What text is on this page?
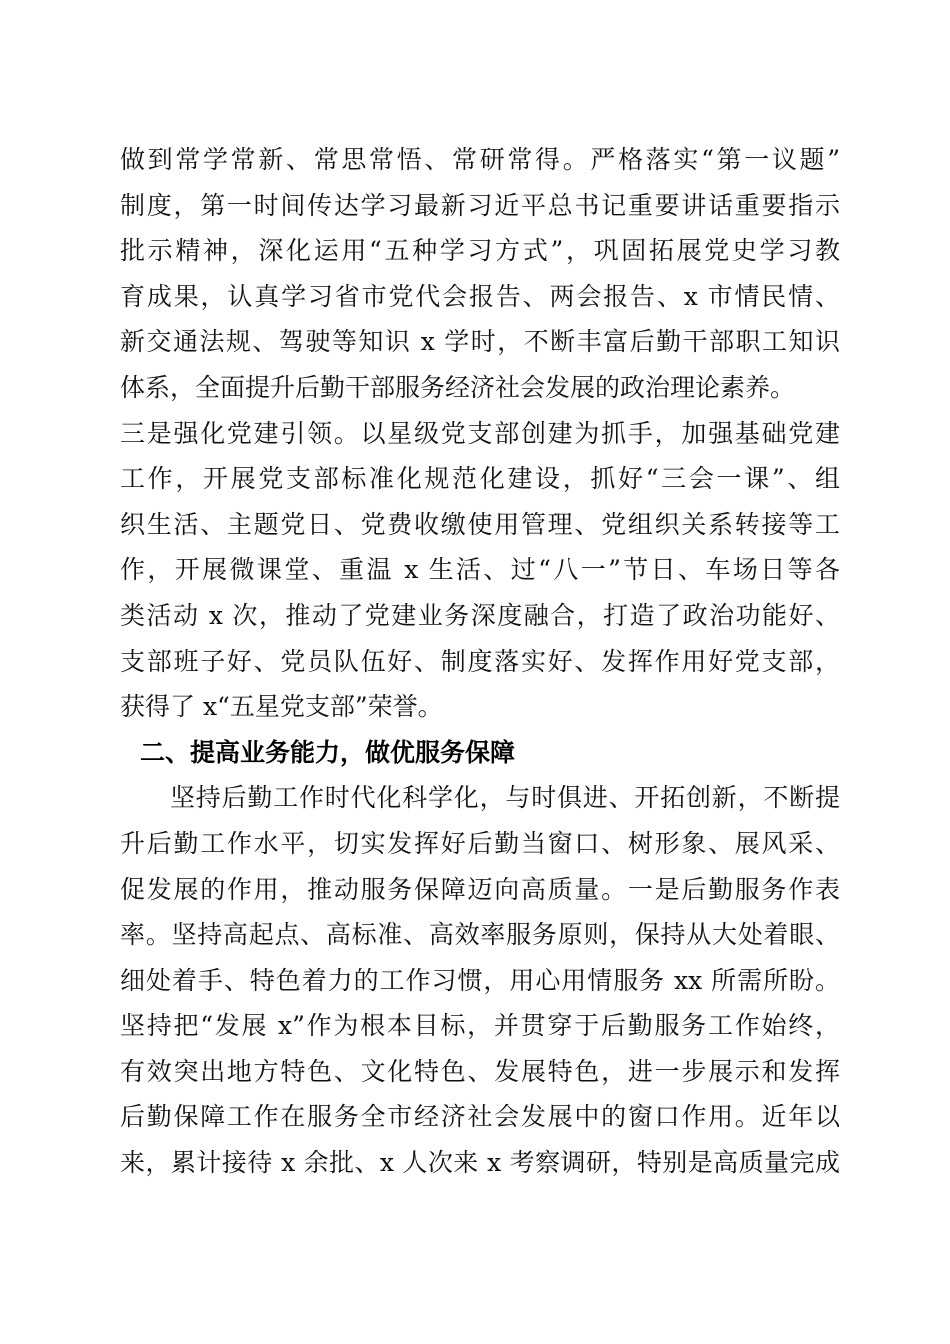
做到常学常新、常思常悟、常研常得。严格落实“第一议题”
制度，第一时间传达学习最新习近平总书记重要讲话重要指示
批示精神，深化运用“五种学习方式”，巩固拓展党史学习教
育成果，认真学习省市党代会报告、两会报告、x 市情民情、
新交通法规、驾驶等知识 x 学时，不断丰富后勤干部职工知识
体系，全面提升后勤干部服务经济社会发展的政治理论素养。
三是强化党建引领。以星级党支部创建为抓手，加强基础党建
工作，开展党支部标准化规范化建设，抓好“三会一课”、组
织生活、主题党日、党费收缴使用管理、党组织关系转接等工
作，开展微课堂、重温 x 生活、过“八一”节日、车场日等各
类活动 x 次，推动了党建业务深度融合，打造了政治功能好、
支部班子好、党员队伍好、制度落实好、发挥作用好党支部，
获得了 x“五星党支部”荣誉。
二、提高业务能力，做优服务保障
坚持后勤工作时代化科学化，与时俱进、开拓创新，不断提
升后勤工作水平，切实发挥好后勤当窗口、树形象、展风采、
促发展的作用，推动服务保障迈向高质量。一是后勤服务作表
率。坚持高起点、高标准、高效率服务原则，保持从大处着眼、
细处着手、特色着力的工作习惯，用心用情服务 xx 所需所盼。
坚持把“发展 x”作为根本目标，并贯穿于后勤服务工作始终，
有效突出地方特色、文化特色、发展特色，进一步展示和发挥
后勤保障工作在服务全市经济社会发展中的窗口作用。近年以
来，累计接待 x 余批、x 人次来 x 考察调研，特别是高质量完成
